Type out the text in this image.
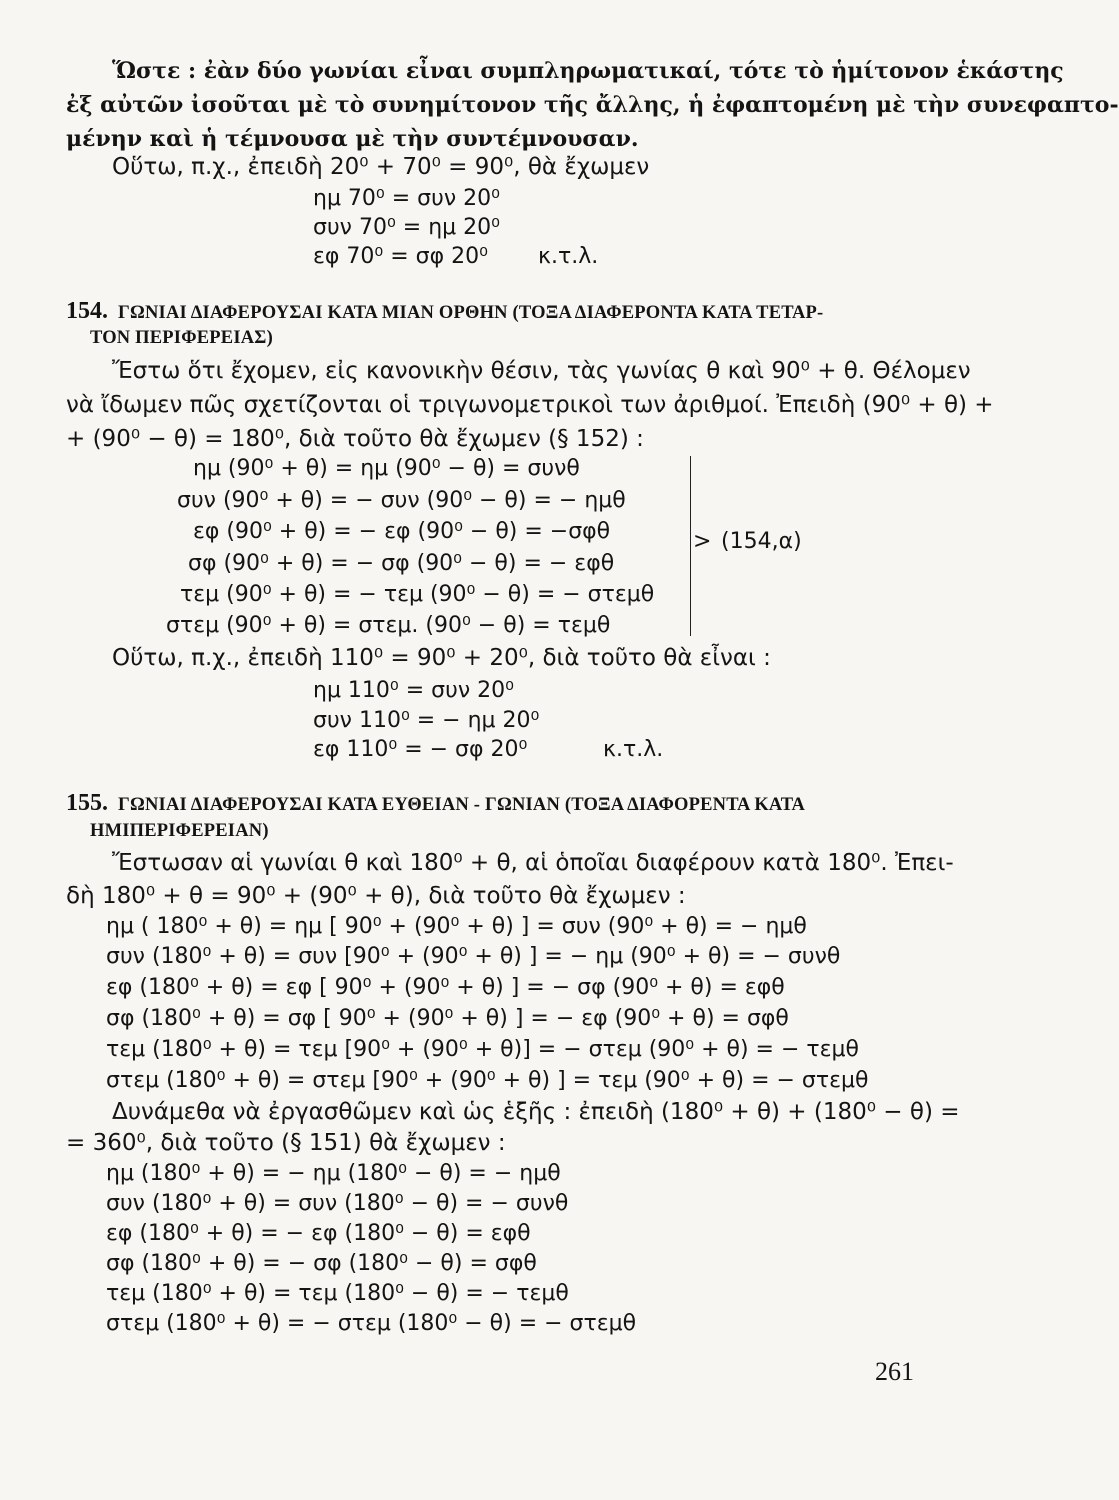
Ὥστε : ἐὰν δύο γωνίαι εἶναι συμπληρωματικαί, τότε τὸ ἡμίτονον ἑκάστης
ἐξ αὐτῶν ἰσοῦται μὲ τὸ συνημίτονον τῆς ἄλλης, ἡ ἐφαπτομένη μὲ τὴν συνεφαπτο-
μένην καὶ ἡ τέμνουσα μὲ τὴν συντέμνουσαν.
Οὕτω, π.χ., ἐπειδὴ 20⁰ + 70⁰ = 90⁰, θὰ ἔχωμεν
ημ 70⁰ = συν 20⁰
συν 70⁰ = ημ 20⁰
εφ 70⁰ = σφ 20⁰ κ.τ.λ.
154. ΓΩΝΙΑΙ ΔΙΑΦΕΡΟΥΣΑΙ ΚΑΤΑ ΜΙΑΝ ΟΡΘΗΝ (ΤΟΞΑ ΔΙΑΦΕΡΟΝΤΑ ΚΑΤΑ ΤΕΤΑΡ-
ΤΟΝ ΠΕΡΙΦΕΡΕΙΑΣ)
Ἔστω ὅτι ἔχομεν, εἰς κανονικὴν θέσιν, τὰς γωνίας θ καὶ 90⁰ + θ. Θέλομεν
νὰ ἴδωμεν πῶς σχετίζονται οἱ τριγωνομετρικοὶ των ἀριθμοί. Ἐπειδὴ (90⁰ + θ) +
+ (90⁰ − θ) = 180⁰, διὰ τοῦτο θὰ ἔχωμεν (§ 152) :
ημ (90⁰ + θ) = ημ (90⁰ − θ) = συνθ
συν (90⁰ + θ) = − συν (90⁰ − θ) = − ημθ
εφ (90⁰ + θ) = − εφ (90⁰ − θ) = −σφθ
σφ (90⁰ + θ) = − σφ (90⁰ − θ) = − εφθ
τεμ (90⁰ + θ) = − τεμ (90⁰ − θ) = − στεμθ
στεμ (90⁰ + θ) = στεμ. (90⁰ − θ) = τεμθ
> (154,α)
Οὕτω, π.χ., ἐπειδὴ 110⁰ = 90⁰ + 20⁰, διὰ τοῦτο θὰ εἶναι :
ημ 110⁰ = συν 20⁰
συν 110⁰ = − ημ 20⁰
εφ 110⁰ = − σφ 20⁰	κ.τ.λ.
155. ΓΩΝΙΑΙ ΔΙΑΦΕΡΟΥΣΑΙ ΚΑΤΑ ΕΥΘΕΙΑΝ - ΓΩΝΙΑΝ (ΤΟΞΑ ΔΙΑΦΟΡΕΝΤΑ ΚΑΤΑ
ΗΜΙΠΕΡΙΦΕΡΕΙΑΝ)
Ἔστωσαν αἱ γωνίαι θ καὶ 180⁰ + θ, αἱ ὁποῖαι διαφέρουν κατὰ 180⁰. Ἐπει-
δὴ 180⁰ + θ = 90⁰ + (90⁰ + θ), διὰ τοῦτο θὰ ἔχωμεν :
ημ ( 180⁰ + θ) = ημ [ 90⁰ + (90⁰ + θ) ] = συν (90⁰ + θ) = − ημθ
συν (180⁰ + θ) = συν [90⁰ + (90⁰ + θ) ] = − ημ (90⁰ + θ) = − συνθ
εφ (180⁰ + θ) = εφ [ 90⁰ + (90⁰ + θ) ] = − σφ (90⁰ + θ) = εφθ
σφ (180⁰ + θ) = σφ [ 90⁰ + (90⁰ + θ) ] = − εφ (90⁰ + θ) = σφθ
τεμ (180⁰ + θ) = τεμ [90⁰ + (90⁰ + θ)] = − στεμ (90⁰ + θ) = − τεμθ
στεμ (180⁰ + θ) = στεμ [90⁰ + (90⁰ + θ) ] = τεμ (90⁰ + θ) = − στεμθ
Δυνάμεθα νὰ ἐργασθῶμεν καὶ ὡς ἑξῆς : ἐπειδὴ (180⁰ + θ) + (180⁰ − θ) =
= 360⁰, διὰ τοῦτο (§ 151) θὰ ἔχωμεν :
ημ (180⁰ + θ) = − ημ (180⁰ − θ) = − ημθ
συν (180⁰ + θ) = συν (180⁰ − θ) = − συνθ
εφ (180⁰ + θ) = − εφ (180⁰ − θ) = εφθ
σφ (180⁰ + θ) = − σφ (180⁰ − θ) = σφθ
τεμ (180⁰ + θ) = τεμ (180⁰ − θ) = − τεμθ
στεμ (180⁰ + θ) = − στεμ (180⁰ − θ) = − στεμθ
261
